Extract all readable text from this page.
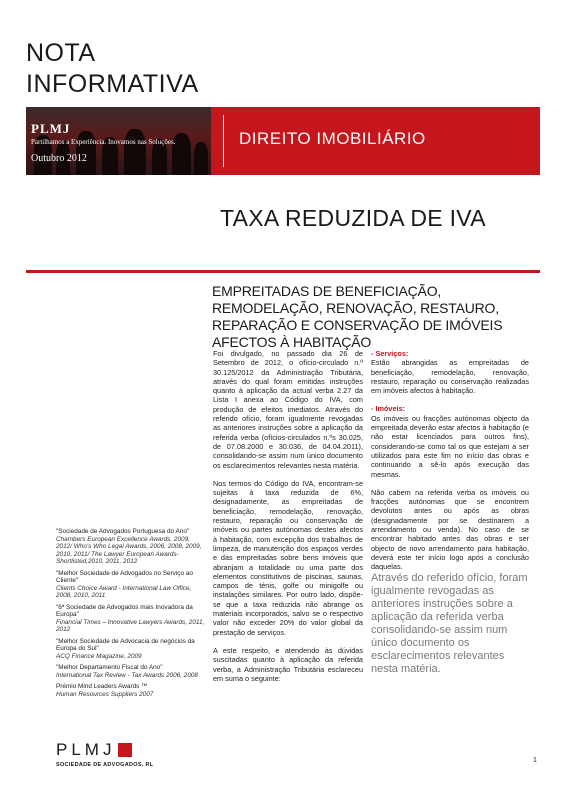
NOTA
INFORMATIVA
PLMJ
Partilhamos a Experiência. Inovamos nas Soluções.
Outubro 2012
DIREITO IMOBILIÁRIO
TAXA REDUZIDA DE IVA
EMPREITADAS DE BENEFICIAÇÃO, REMODELAÇÃO, RENOVAÇÃO, RESTAURO, REPARAÇÃO E CONSERVAÇÃO DE IMÓVEIS AFECTOS À HABITAÇÃO

Foi divulgado, no passado dia 26 de Setembro de 2012, o ofício-circulado n.º 30.125/2012 da Administração Tributária, através do qual foram emitidas instruções quanto à aplicação da actual verba 2.27 da Lista I anexa ao Código do IVA, com produção de efeitos imediatos. Através do referido ofício, foram igualmente revogadas as anteriores instruções sobre a aplicação da referida verba (ofícios-circulados n.ºs 30.025, de 07.08.2000 e 30.036, de 04.04.2011), consolidando-se assim num único documento os esclarecimentos relevantes nesta matéria.

Nos termos do Código do IVA, encontram-se sujeitas à taxa reduzida de 6%, designadamente, as empreitadas de beneficiação, remodelação, renovação, restauro, reparação ou conservação de imóveis ou partes autónomas destes afectos à habitação, com excepção dos trabalhos de limpeza, de manutenção dos espaços verdes e das empreitadas sobre bens imóveis que abranjam a totalidade ou uma parte dos elementos constitutivos de piscinas, saunas, campos de ténis, golfe ou minigolfe ou instalações similares. Por outro lado, dispõe-se que a taxa reduzida não abrange os materiais incorporados, salvo se o respectivo valor não exceder 20% do valor global da prestação de serviços.

A este respeito, e atendendo às dúvidas suscitadas quanto à aplicação da referida verba, a Administração Tributária esclareceu em suma o seguinte:

- Serviços:
Estão abrangidas as empreitadas de beneficiação, remodelação, renovação, restauro, reparação ou conservação realizadas em imóveis afectos à habitação.

- Imóveis:
Os imóveis ou fracções autónomas objecto da empreitada deverão estar afectos à habitação (e não estar licenciados para outros fins), considerando-se como tal os que estejam a ser utilizados para este fim no início das obras e continuando a sê-lo após execução das mesmas.

Não cabem na referida verba os imóveis ou fracções autónomas que se encontrem devolutos antes ou após as obras (designadamente por se destinarem a arrendamento ou venda). No caso de se encontrar habitado antes das obras e ser objecto de novo arrendamento para habitação, deverá este ter início logo após a conclusão daquelas.

Através do referido ofício, foram igualmente revogadas as anteriores instruções sobre a aplicação da referida verba consolidando-se assim num único documento os esclarecimentos relevantes nesta matéria.
"Sociedade de Advogados Portuguesa do Ano"
Chambers European Excellence Awards, 2009, 2012/ Who's Who Legal Awards, 2006, 2008, 2009, 2010, 2011/ The Lawyer European Awards-Shortlisted,2010, 2011, 2012
"Melhor Sociedade de Advogados no Serviço ao Cliente"
Clients Choice Award - International Law Office, 2008, 2010, 2011
"6ª Sociedade de Advogados mais Inovadora da Europa"
Financial Times – Innovative Lawyers Awards, 2011, 2012
"Melhor Sociedade de Advocacia de negócios da Europa do Sul"
ACQ Finance Magazine, 2009
"Melhor Departamento Fiscal do Ano"
International Tax Review - Tax Awards 2006, 2008
Prémio Mind Leaders Awards ™
Human Resources Suppliers 2007
PLMJ
SOCIEDADE DE ADVOGADOS, RL
1
